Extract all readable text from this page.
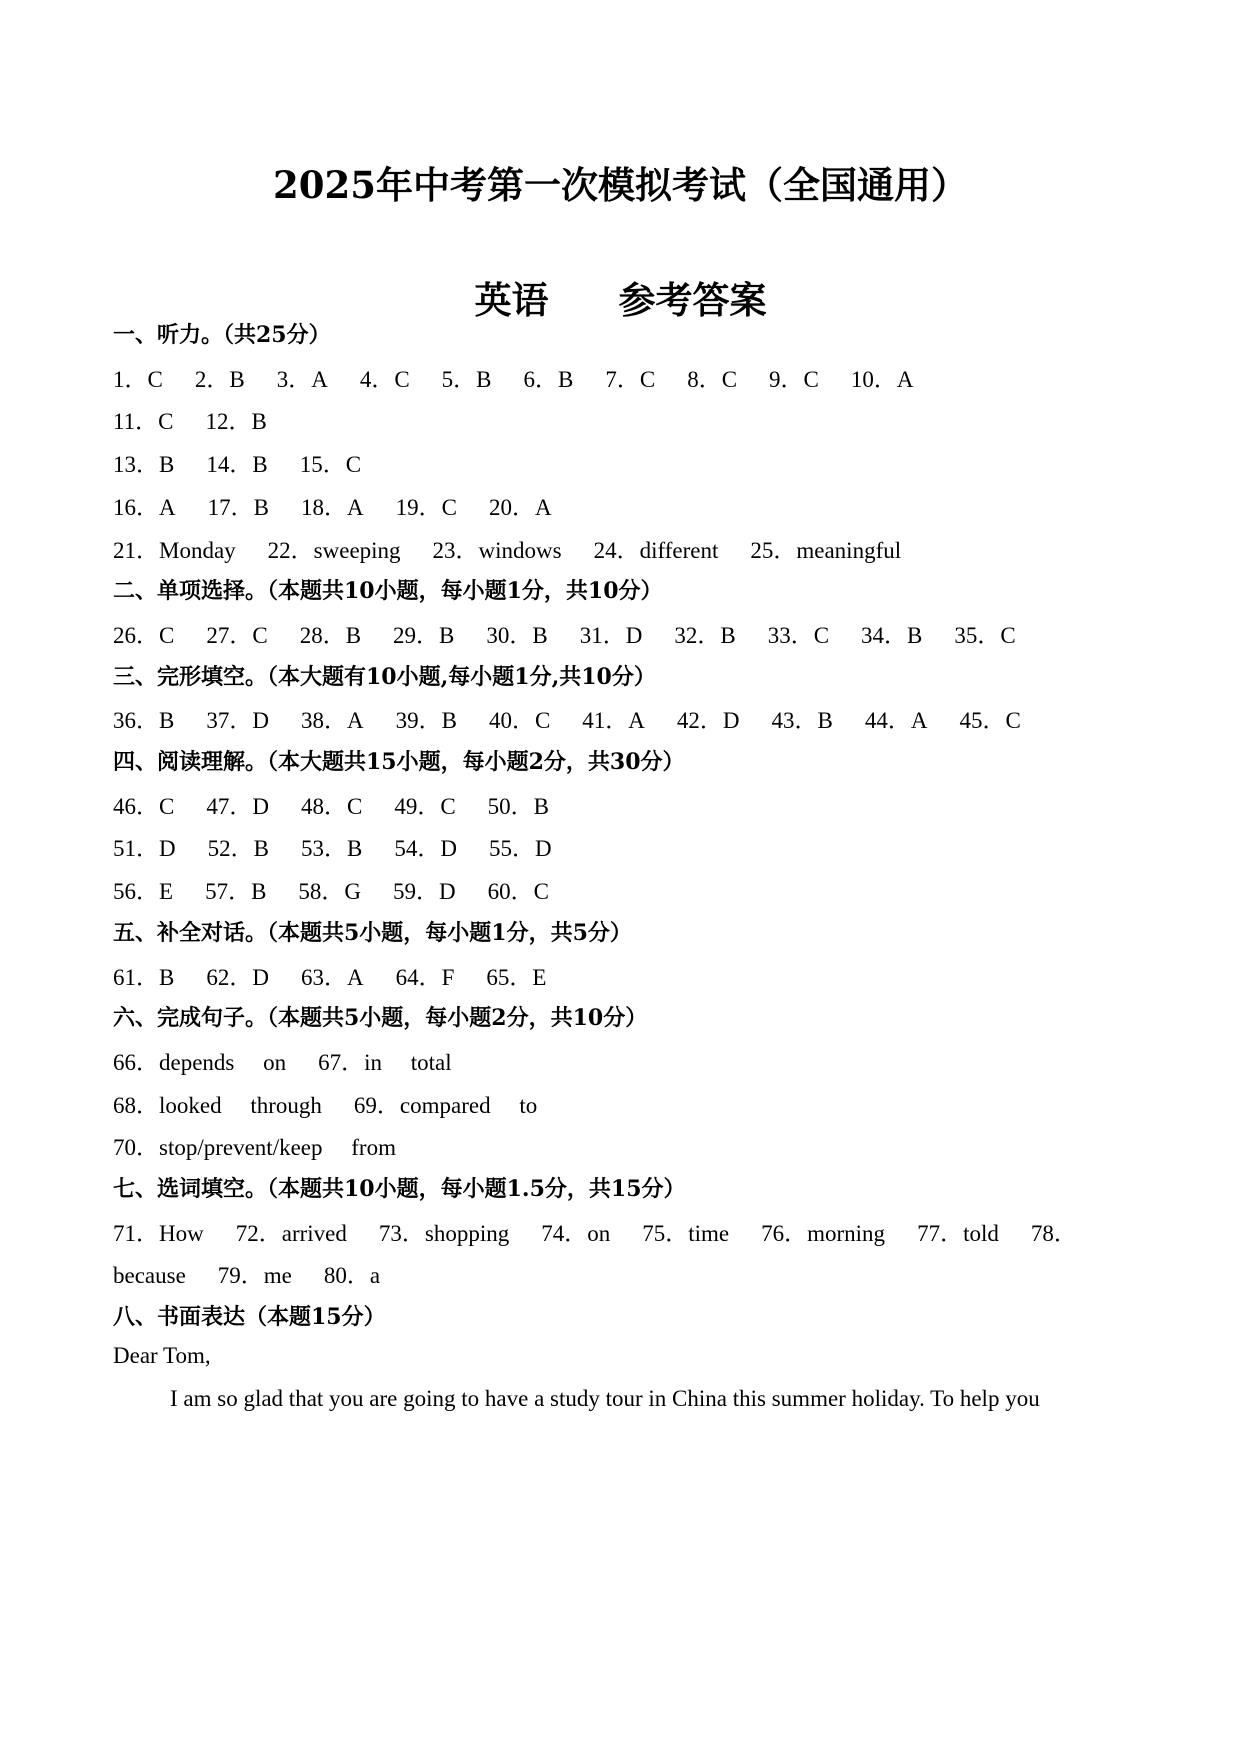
2025年中考第一次模拟考试（全国通用）
英语 参考答案
一、听力。（共25分）
1．C 2．B 3．A 4．C 5．B 6．B 7．C 8．C 9．C 10．A
11．C 12．B
13．B 14．B 15．C
16．A 17．B 18．A 19．C 20．A
21．Monday 22．sweeping 23．windows 24．different 25．meaningful
二、单项选择。（本题共10小题，每小题1分，共10分）
26．C 27．C 28．B 29．B 30．B 31．D 32．B 33．C 34．B 35．C
三、完形填空。（本大题有10小题,每小题1分,共10分）
36．B 37．D 38．A 39．B 40．C 41．A 42．D 43．B 44．A 45．C
四、阅读理解。（本大题共15小题，每小题2分，共30分）
46．C 47．D 48．C 49．C 50．B
51．D 52．B 53．B 54．D 55．D
56．E 57．B 58．G 59．D 60．C
五、补全对话。（本题共5小题，每小题1分，共5分）
61．B 62．D 63．A 64．F 65．E
六、完成句子。（本题共5小题，每小题2分，共10分）
66．depends　 on 67．in　 total
68．looked　 through 69．compared　 to
70．stop/prevent/keep　 from
七、选词填空。（本题共10小题，每小题1.5分，共15分）
71．How 72．arrived 73．shopping 74．on 75．time 76．morning 77．told 78．
because 79．me 80．a
八、书面表达（本题15分）
Dear Tom,
I am so glad that you are going to have a study tour in China this summer holiday. To help you
